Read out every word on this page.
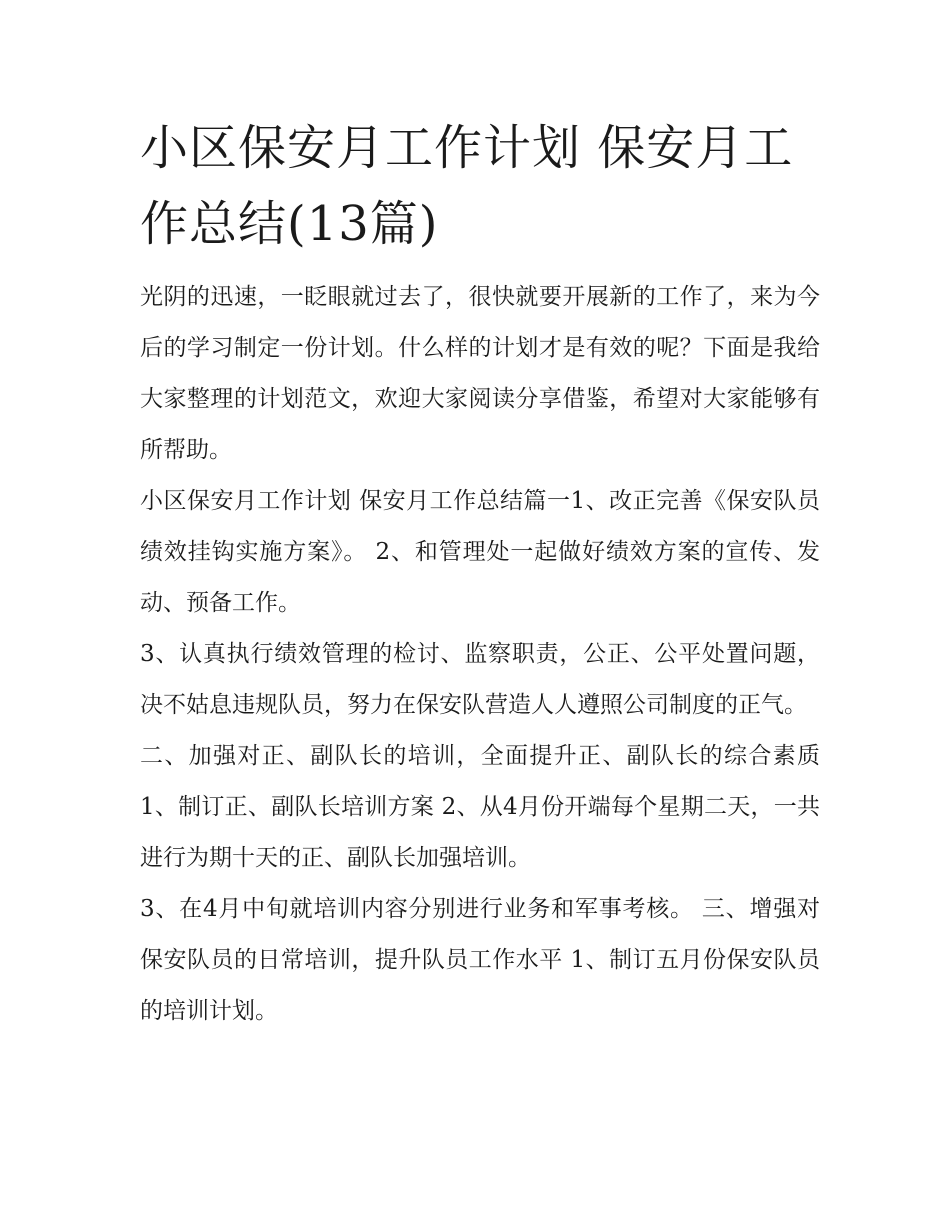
小区保安月工作计划 保安月工作总结(13篇)

光阴的迅速，一眨眼就过去了，很快就要开展新的工作了，来为今后的学习制定一份计划。什么样的计划才是有效的呢？下面是我给大家整理的计划范文，欢迎大家阅读分享借鉴，希望对大家能够有所帮助。

小区保安月工作计划 保安月工作总结篇一1、改正完善《保安队员绩效挂钩实施方案》。 2、和管理处一起做好绩效方案的宣传、发动、预备工作。

3、认真执行绩效管理的检讨、监察职责，公正、公平处置问题，决不姑息违规队员，努力在保安队营造人人遵照公司制度的正气。

二、加强对正、副队长的培训，全面提升正、副队长的综合素质 1、制订正、副队长培训方案 2、从4月份开端每个星期二天，一共进行为期十天的正、副队长加强培训。

3、在4月中旬就培训内容分别进行业务和军事考核。 三、增强对保安队员的日常培训，提升队员工作水平 1、制订五月份保安队员的培训计划。
